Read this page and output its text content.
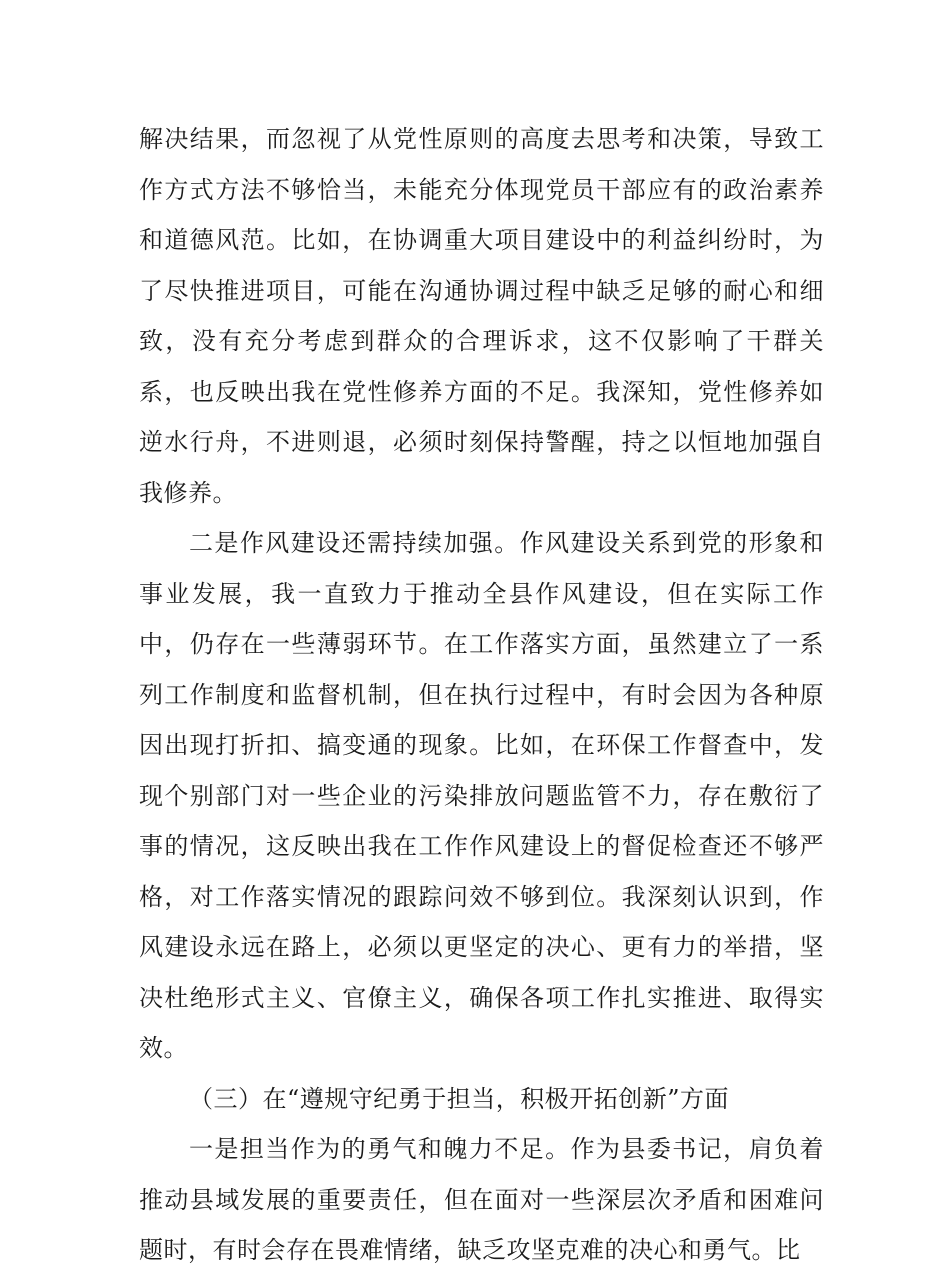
解决结果，而忽视了从党性原则的高度去思考和决策，导致工作方式方法不够恰当，未能充分体现党员干部应有的政治素养和道德风范。比如，在协调重大项目建设中的利益纠纷时，为了尽快推进项目，可能在沟通协调过程中缺乏足够的耐心和细致，没有充分考虑到群众的合理诉求，这不仅影响了干群关系，也反映出我在党性修养方面的不足。我深知，党性修养如逆水行舟，不进则退，必须时刻保持警醒，持之以恒地加强自我修养。

二是作风建设还需持续加强。作风建设关系到党的形象和事业发展，我一直致力于推动全县作风建设，但在实际工作中，仍存在一些薄弱环节。在工作落实方面，虽然建立了一系列工作制度和监督机制，但在执行过程中，有时会因为各种原因出现打折扣、搞变通的现象。比如，在环保工作督查中，发现个别部门对一些企业的污染排放问题监管不力，存在敷衍了事的情况，这反映出我在工作作风建设上的督促检查还不够严格，对工作落实情况的跟踪问效不够到位。我深刻认识到，作风建设永远在路上，必须以更坚定的决心、更有力的举措，坚决杜绝形式主义、官僚主义，确保各项工作扎实推进、取得实效。

（三）在“遵规守纪勇于担当，积极开拓创新”方面

一是担当作为的勇气和魄力不足。作为县委书记，肩负着推动县域发展的重要责任，但在面对一些深层次矛盾和困难问题时，有时会存在畏难情绪，缺乏攻坚克难的决心和勇气。比
